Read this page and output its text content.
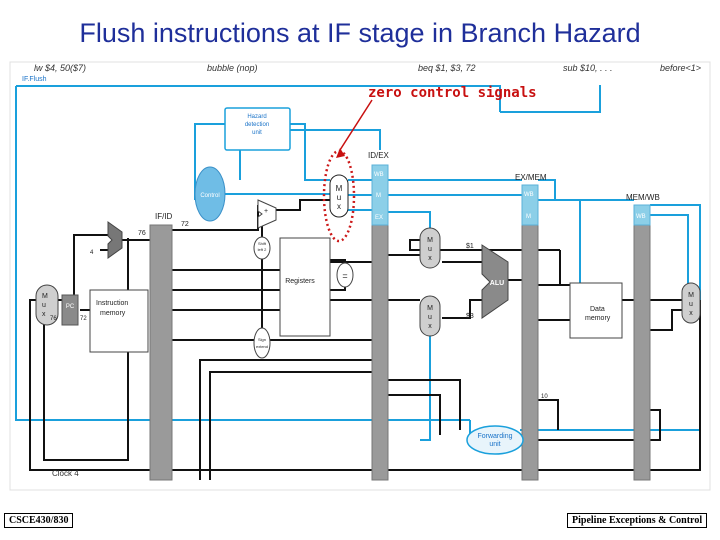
Flush instructions at IF stage in Branch Hazard
lw $4, 50($7)	bubble (nop)	beq $1, $3, 72	sub $10, . . .	before<1>
IF.Flush
WB
M
EX
WB
M	WB
IF/ID
ID/EX
EX/MEM
MEM/WB
Hazard
detection
unit
Control
M
u
x
M
u
x
PC
4
Instruction
memory
76
72
76	72
Registers
+
Shift
left 2
Sign
extend
=
M
u
x
M
u
x
ALU
$1
$3
10
Data
memory
M
u
x
Forwarding
unit
Clock 4
zero control signals
CSCE430/830	Pipeline Exceptions & Control
